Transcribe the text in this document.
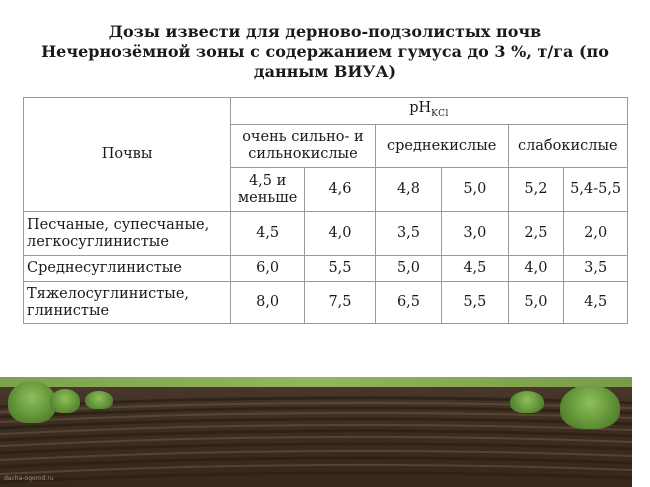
Дозы извести для дерново-подзолистых почв
Нечернозёмной зоны с содержанием гумуса до 3 %, т/га (по
данным ВИУА)
Почвы	$pH_{KCl}$
	очень сильно- и сильнокислые		среднекислые		слабокислые	
	4,5 и меньше	4,6	4,8	5,0	5,2	5,4-5,5
Песчаные, супесчаные, легкосуглинистые	4,5	4,0	3,5	3,0	2,5	2,0
Среднесуглинистые	6,0	5,5	5,0	4,5	4,0	3,5
Тяжелосуглинистые, глинистые	8,0	7,5	6,5	5,5	5,0	4,5
dacha-ogorod.ru
